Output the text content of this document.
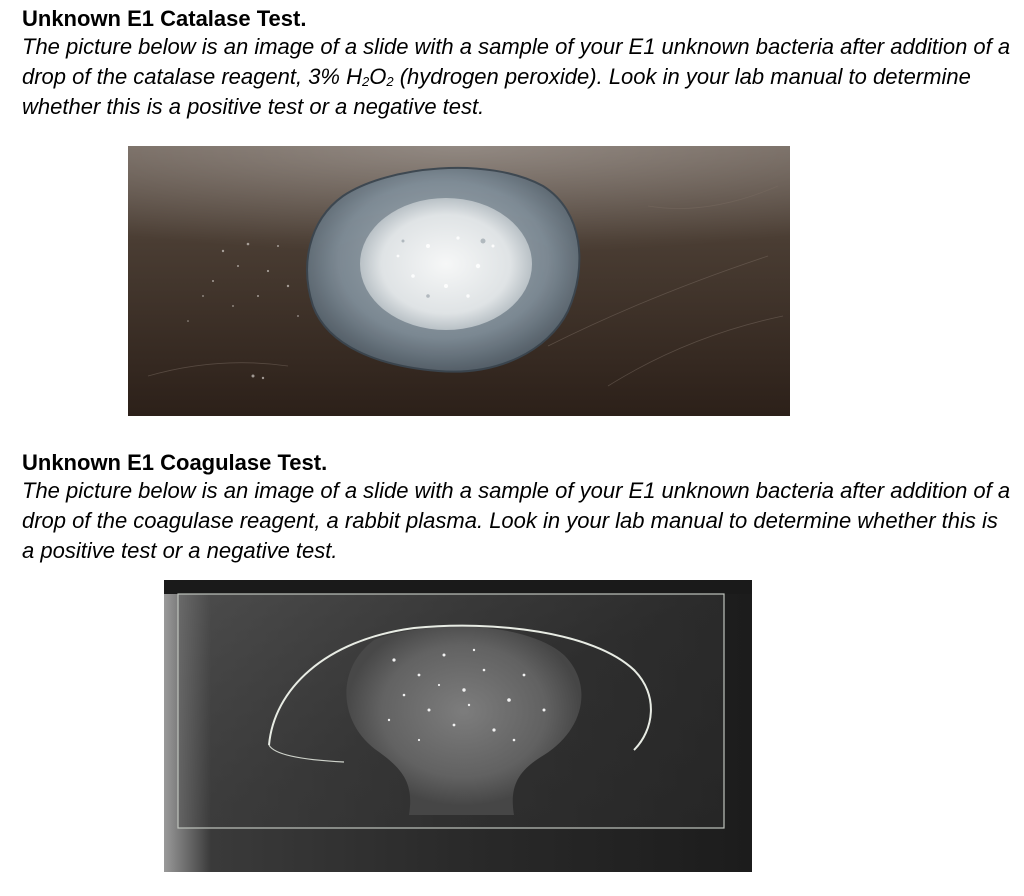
Unknown E1 Catalase Test.

The picture below is an image of a slide with a sample of your E1 unknown bacteria after addition of a drop of the catalase reagent, 3% $H_2O_2$ (hydrogen peroxide). Look in your lab manual to determine whether this is a positive test or a negative test.

Unknown E1 Coagulase Test.

The picture below is an image of a slide with a sample of your E1 unknown bacteria after addition of a drop of the coagulase reagent, a rabbit plasma. Look in your lab manual to determine whether this is a positive test or a negative test.
